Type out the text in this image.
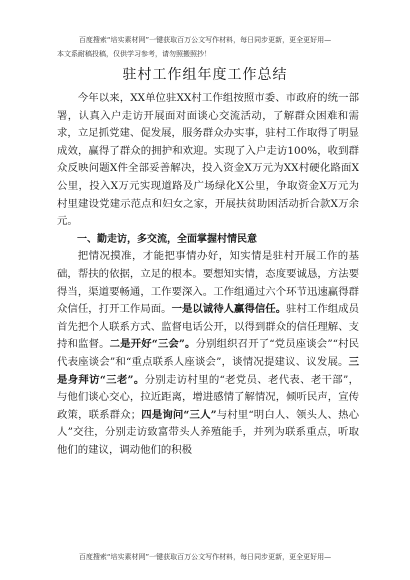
百度搜索“培实素材网”一键获取百万公文写作材料，每日同步更新，更全更好用—
本文系耐稿投稿，仅供学习参考，请勿照搬照抄！
驻村工作组年度工作总结

今年以来，XX单位驻XX村工作组按照市委、市政府的统一部署，认真入户走访开展面对面谈心交流活动，了解群众困难和需求，立足抓党建、促发展，服务群众办实事，驻村工作取得了明显成效，赢得了群众的拥护和欢迎。实现了入户走访100%，收到群众反映问题X件全部妥善解决，投入资金X万元为XX村硬化路面X公里，投入X万元实现道路及广场绿化X公里，争取资金X万元为村里建设党建示范点和妇女之家，开展扶贫助困活动折合款X万余元。

一、勤走访，多交流，全面掌握村情民意

把情况摸准，才能把事情办好，知实情是驻村开展工作的基础，帮扶的依据，立足的根本。要想知实情，态度要诚恳，方法要得当，渠道要畅通，工作要深入。工作组通过六个环节迅速赢得群众信任，打开工作局面。一是以诚待人赢得信任。驻村工作组成员首先把个人联系方式、监督电话公开，以得到群众的信任理解、支持和监督。二是开好“三会”。分别组织召开了“党员座谈会”“村民代表座谈会”和“重点联系人座谈会”，谈情况提建议、议发展。三是身拜访“三老”。分别走访村里的“老党员、老代表、老干部”，与他们谈心交心，拉近距离，增进感情了解情况，倾听民声，宣传政策，联系群众；四是询问“三人”与村里“明白人、领头人、热心人”交往，分别走访致富带头人养殖能手，并列为联系重点，听取他们的建议，调动他们的积极

百度搜索“培实素材网”一键获取百万公文写作材料，每日同步更新，更全更好用—
